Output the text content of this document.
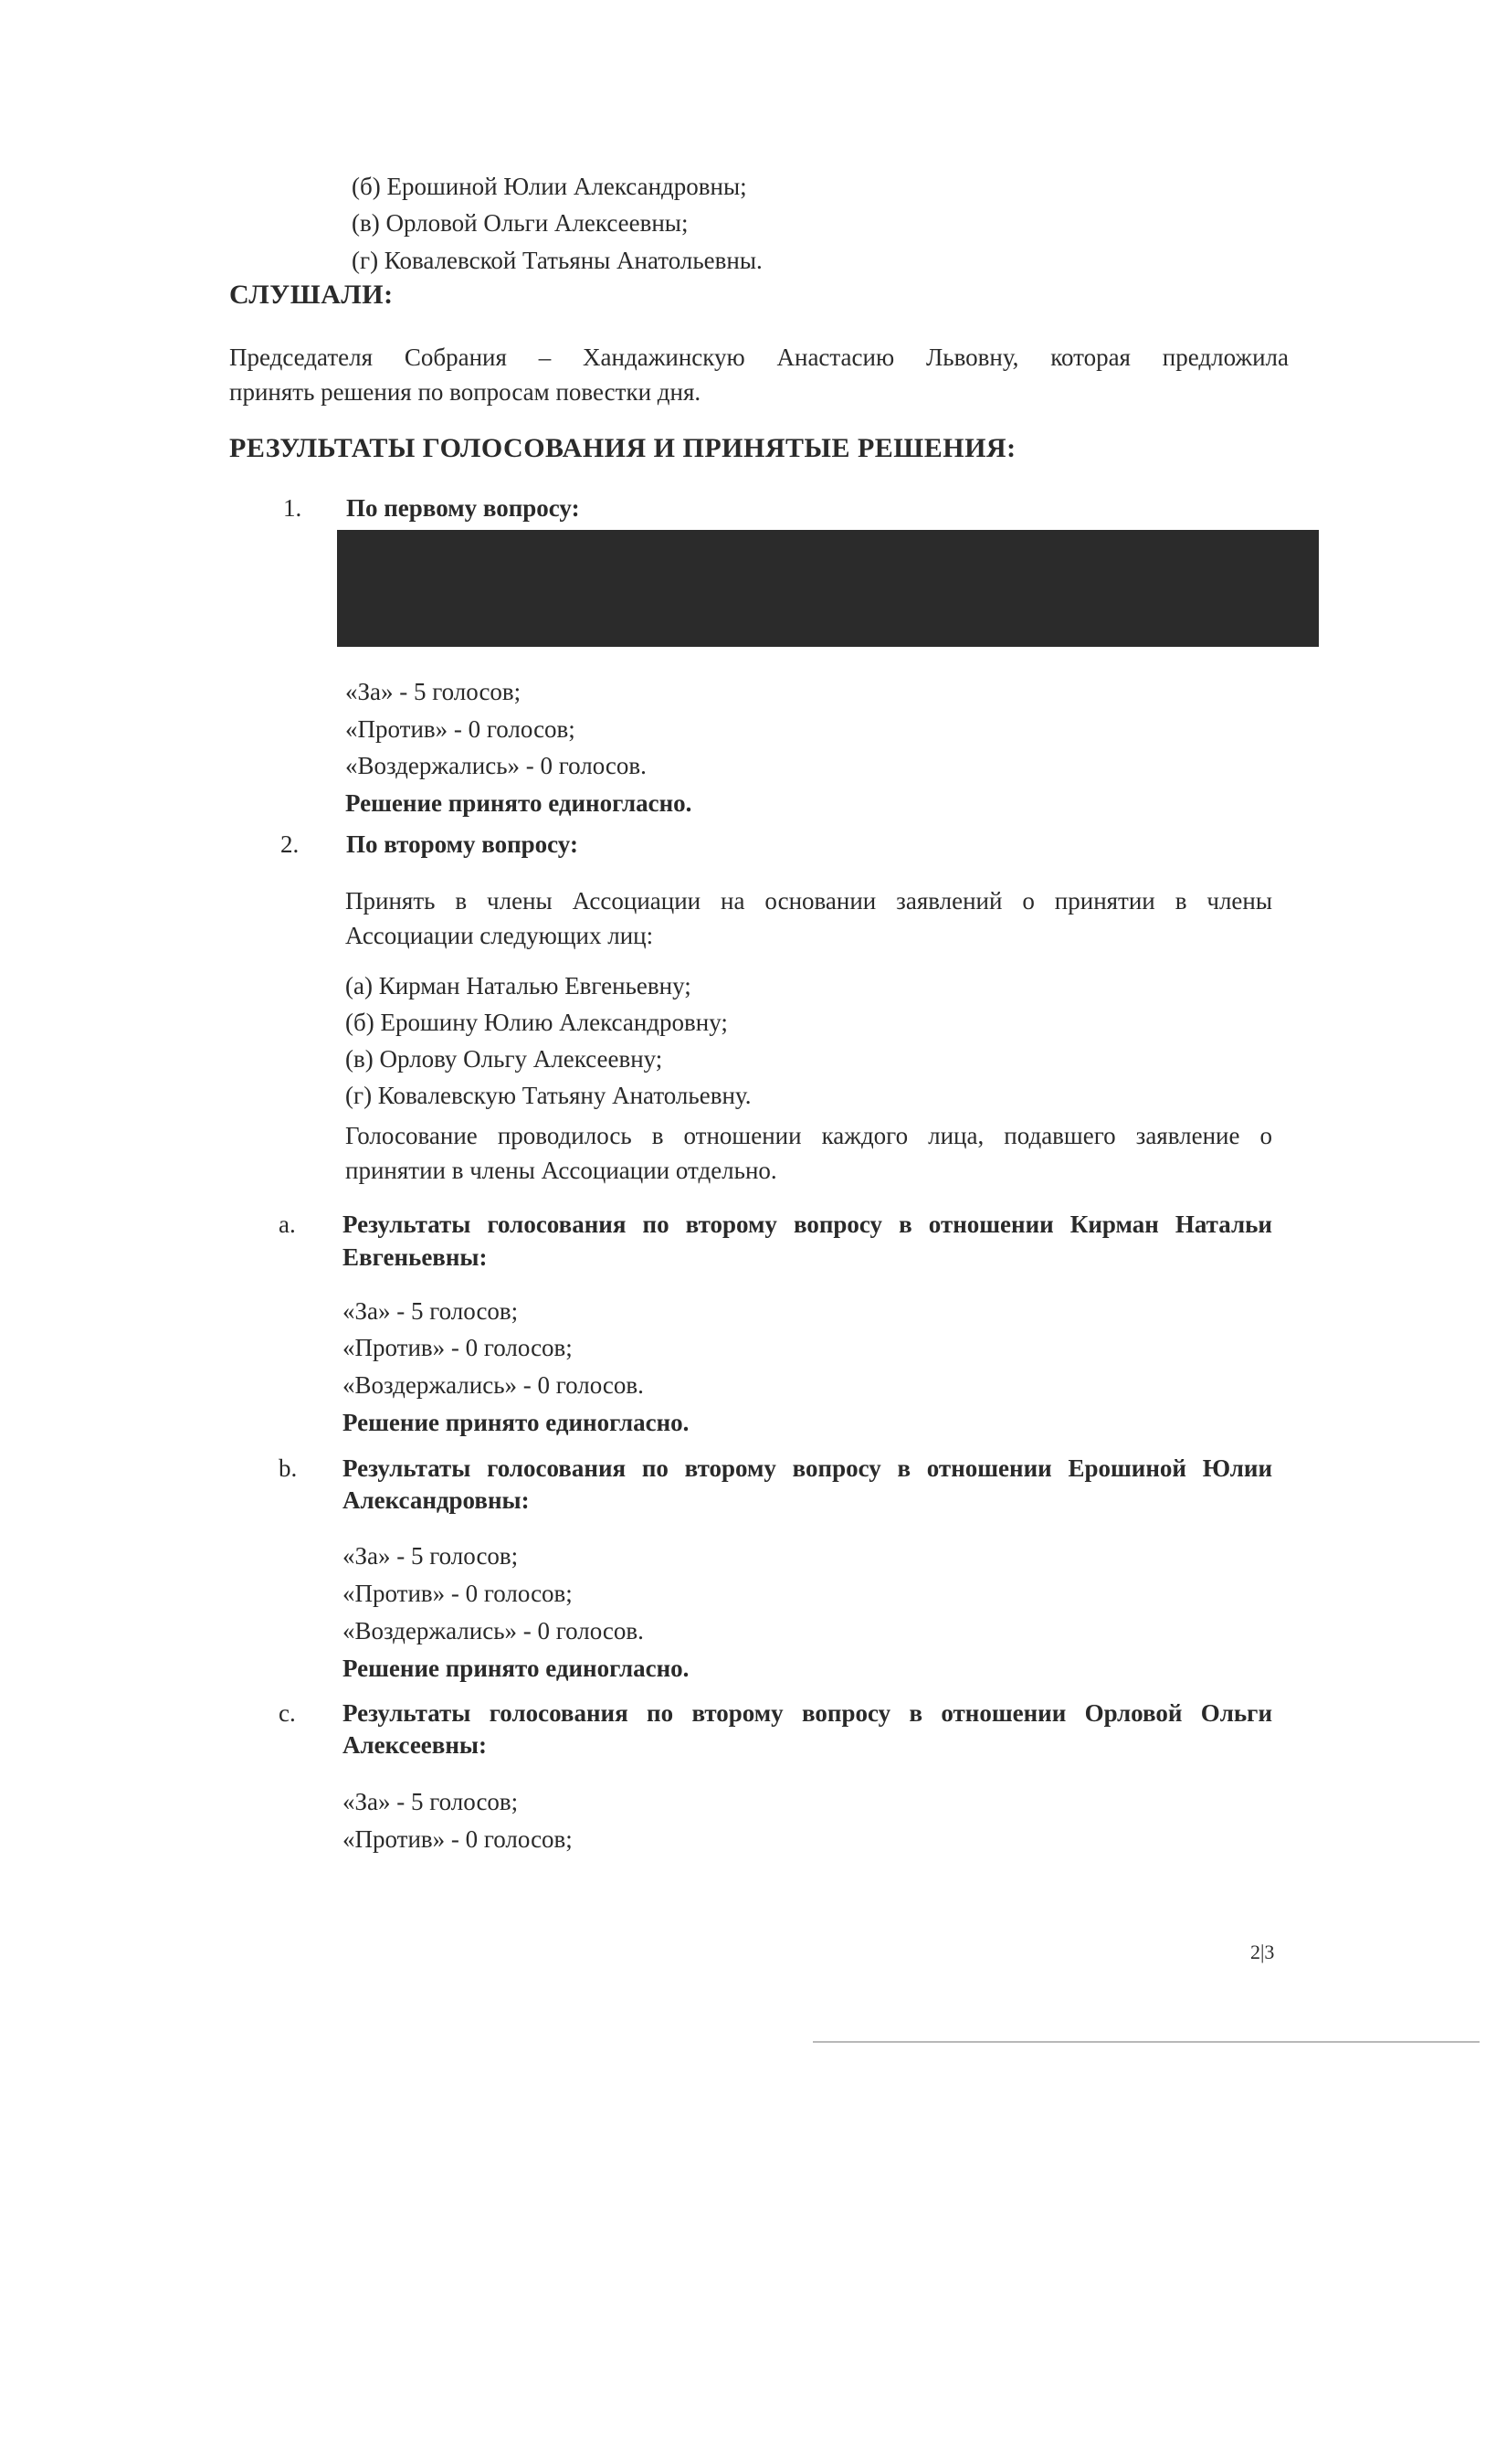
(б) Ерошиной Юлии Александровны;
(в) Орловой Ольги Алексеевны;
(г) Ковалевской Татьяны Анатольевны.
СЛУШАЛИ:
Председателя Собрания – Хандажинскую Анастасию Львовну, которая предложила
принять решения по вопросам повестки дня.
РЕЗУЛЬТАТЫ ГОЛОСОВАНИЯ И ПРИНЯТЫЕ РЕШЕНИЯ:
1. По первому вопросу:
«За» - 5 голосов;
«Против» - 0 голосов;
«Воздержались» - 0 голосов.
Решение принято единогласно.
2. По второму вопросу:
Принять в члены Ассоциации на основании заявлений о принятии в члены
Ассоциации следующих лиц:
(а) Кирман Наталью Евгеньевну;
(б) Ерошину Юлию Александровну;
(в) Орлову Ольгу Алексеевну;
(г) Ковалевскую Татьяну Анатольевну.
Голосование проводилось в отношении каждого лица, подавшего заявление о
принятии в члены Ассоциации отдельно.
a. Результаты голосования по второму вопросу в отношении Кирман Натальи
Евгеньевны:
«За» - 5 голосов;
«Против» - 0 голосов;
«Воздержались» - 0 голосов.
Решение принято единогласно.
b. Результаты голосования по второму вопросу в отношении Ерошиной Юлии
Александровны:
«За» - 5 голосов;
«Против» - 0 голосов;
«Воздержались» - 0 голосов.
Решение принято единогласно.
c. Результаты голосования по второму вопросу в отношении Орловой Ольги
Алексеевны:
«За» - 5 голосов;
«Против» - 0 голосов;
2|3
